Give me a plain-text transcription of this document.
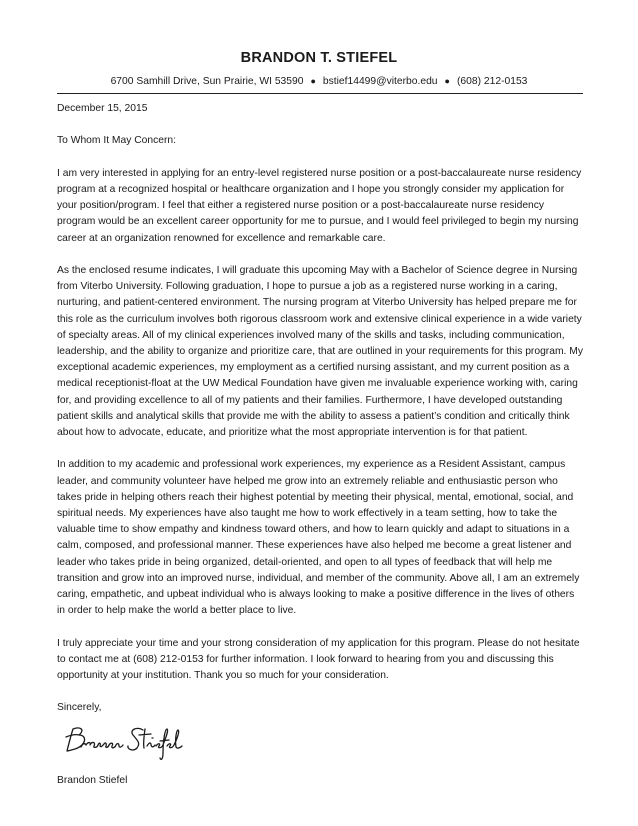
BRANDON T. STIEFEL
6700 Samhill Drive, Sun Prairie, WI 53590 ● bstief14499@viterbo.edu ● (608) 212-0153

December 15, 2015

To Whom It May Concern:

I am very interested in applying for an entry-level registered nurse position or a post-baccalaureate nurse residency program at a recognized hospital or healthcare organization and I hope you strongly consider my application for your position/program. I feel that either a registered nurse position or a post-baccalaureate nurse residency program would be an excellent career opportunity for me to pursue, and I would feel privileged to begin my nursing career at an organization renowned for excellence and remarkable care.

As the enclosed resume indicates, I will graduate this upcoming May with a Bachelor of Science degree in Nursing from Viterbo University. Following graduation, I hope to pursue a job as a registered nurse working in a caring, nurturing, and patient-centered environment. The nursing program at Viterbo University has helped prepare me for this role as the curriculum involves both rigorous classroom work and extensive clinical experience in a wide variety of specialty areas. All of my clinical experiences involved many of the skills and tasks, including communication, leadership, and the ability to organize and prioritize care, that are outlined in your requirements for this program. My exceptional academic experiences, my employment as a certified nursing assistant, and my current position as a medical receptionist-float at the UW Medical Foundation have given me invaluable experience working with, caring for, and providing excellence to all of my patients and their families. Furthermore, I have developed outstanding patient skills and analytical skills that provide me with the ability to assess a patient’s condition and critically think about how to advocate, educate, and prioritize what the most appropriate intervention is for that patient.

In addition to my academic and professional work experiences, my experience as a Resident Assistant, campus leader, and community volunteer have helped me grow into an extremely reliable and enthusiastic person who takes pride in helping others reach their highest potential by meeting their physical, mental, emotional, social, and spiritual needs. My experiences have also taught me how to work effectively in a team setting, how to take the valuable time to show empathy and kindness toward others, and how to learn quickly and adapt to situations in a calm, composed, and professional manner. These experiences have also helped me become a great listener and leader who takes pride in being organized, detail-oriented, and open to all types of feedback that will help me transition and grow into an improved nurse, individual, and member of the community. Above all, I am an extremely caring, empathetic, and upbeat individual who is always looking to make a positive difference in the lives of others in order to help make the world a better place to live.

I truly appreciate your time and your strong consideration of my application for this program. Please do not hesitate to contact me at (608) 212-0153 for further information. I look forward to hearing from you and discussing this opportunity at your institution. Thank you so much for your consideration.

Sincerely,

Brandon Stiefel
